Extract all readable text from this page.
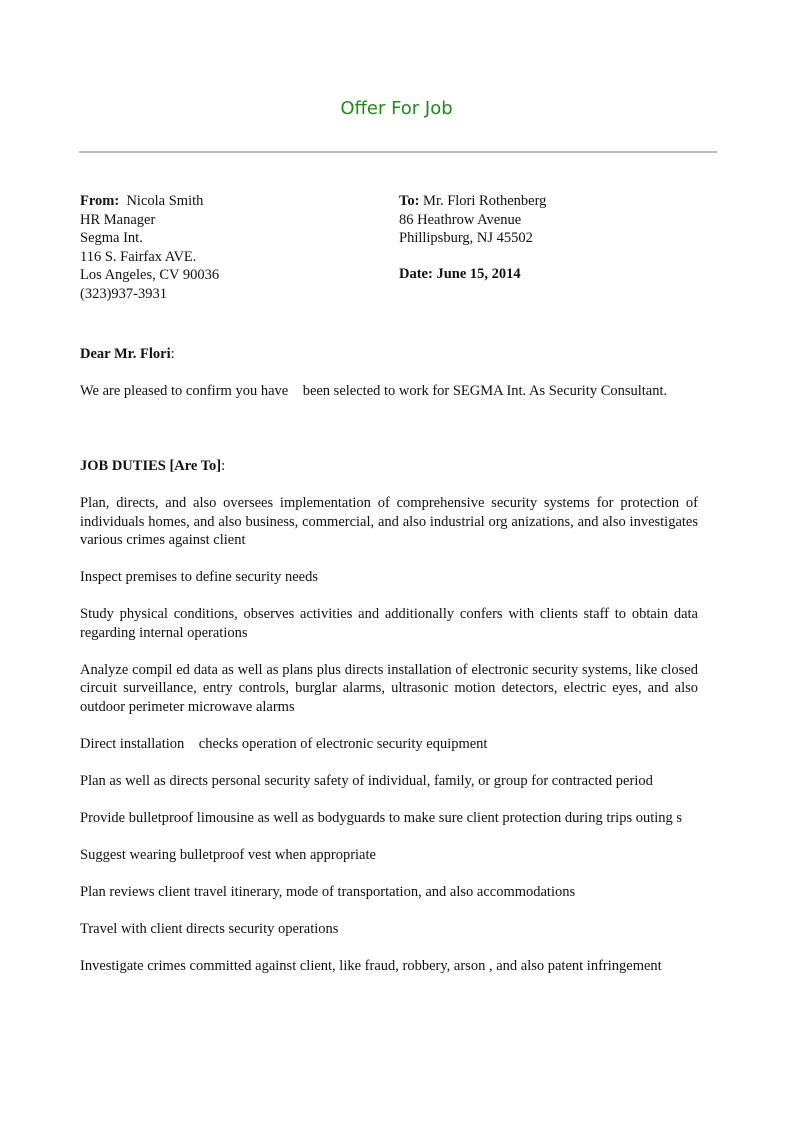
Offer For Job
From: Nicola Smith
HR Manager
Segma Int.
116 S. Fairfax AVE.
Los Angeles, CV 90036
(323)937-3931
To: Mr. Flori Rothenberg
86 Heathrow Avenue
Phillipsburg, NJ 45502
Date: June 15, 2014
Dear Mr. Flori:
We are pleased to confirm you have    been selected to work for SEGMA Int. As Security Consultant.
JOB DUTIES [Are To]:
Plan, directs, and also oversees implementation of comprehensive security systems for protection of individuals homes, and also business, commercial, and also industrial org anizations, and also investigates various crimes against client
Inspect premises to define security needs
Study physical conditions, observes activities and additionally confers with clients staff to obtain data regarding internal operations
Analyze compil ed data as well as plans plus directs installation of electronic security systems, like closed circuit surveillance, entry controls, burglar alarms, ultrasonic motion detectors, electric eyes, and also outdoor perimeter microwave alarms
Direct installation    checks operation of electronic security equipment
Plan as well as directs personal security safety of individual, family, or group for contracted period
Provide bulletproof limousine as well as bodyguards to make sure client protection during trips outing s
Suggest wearing bulletproof vest when appropriate
Plan reviews client travel itinerary, mode of transportation, and also accommodations
Travel with client directs security operations
Investigate crimes committed against client, like fraud, robbery, arson , and also patent infringement
